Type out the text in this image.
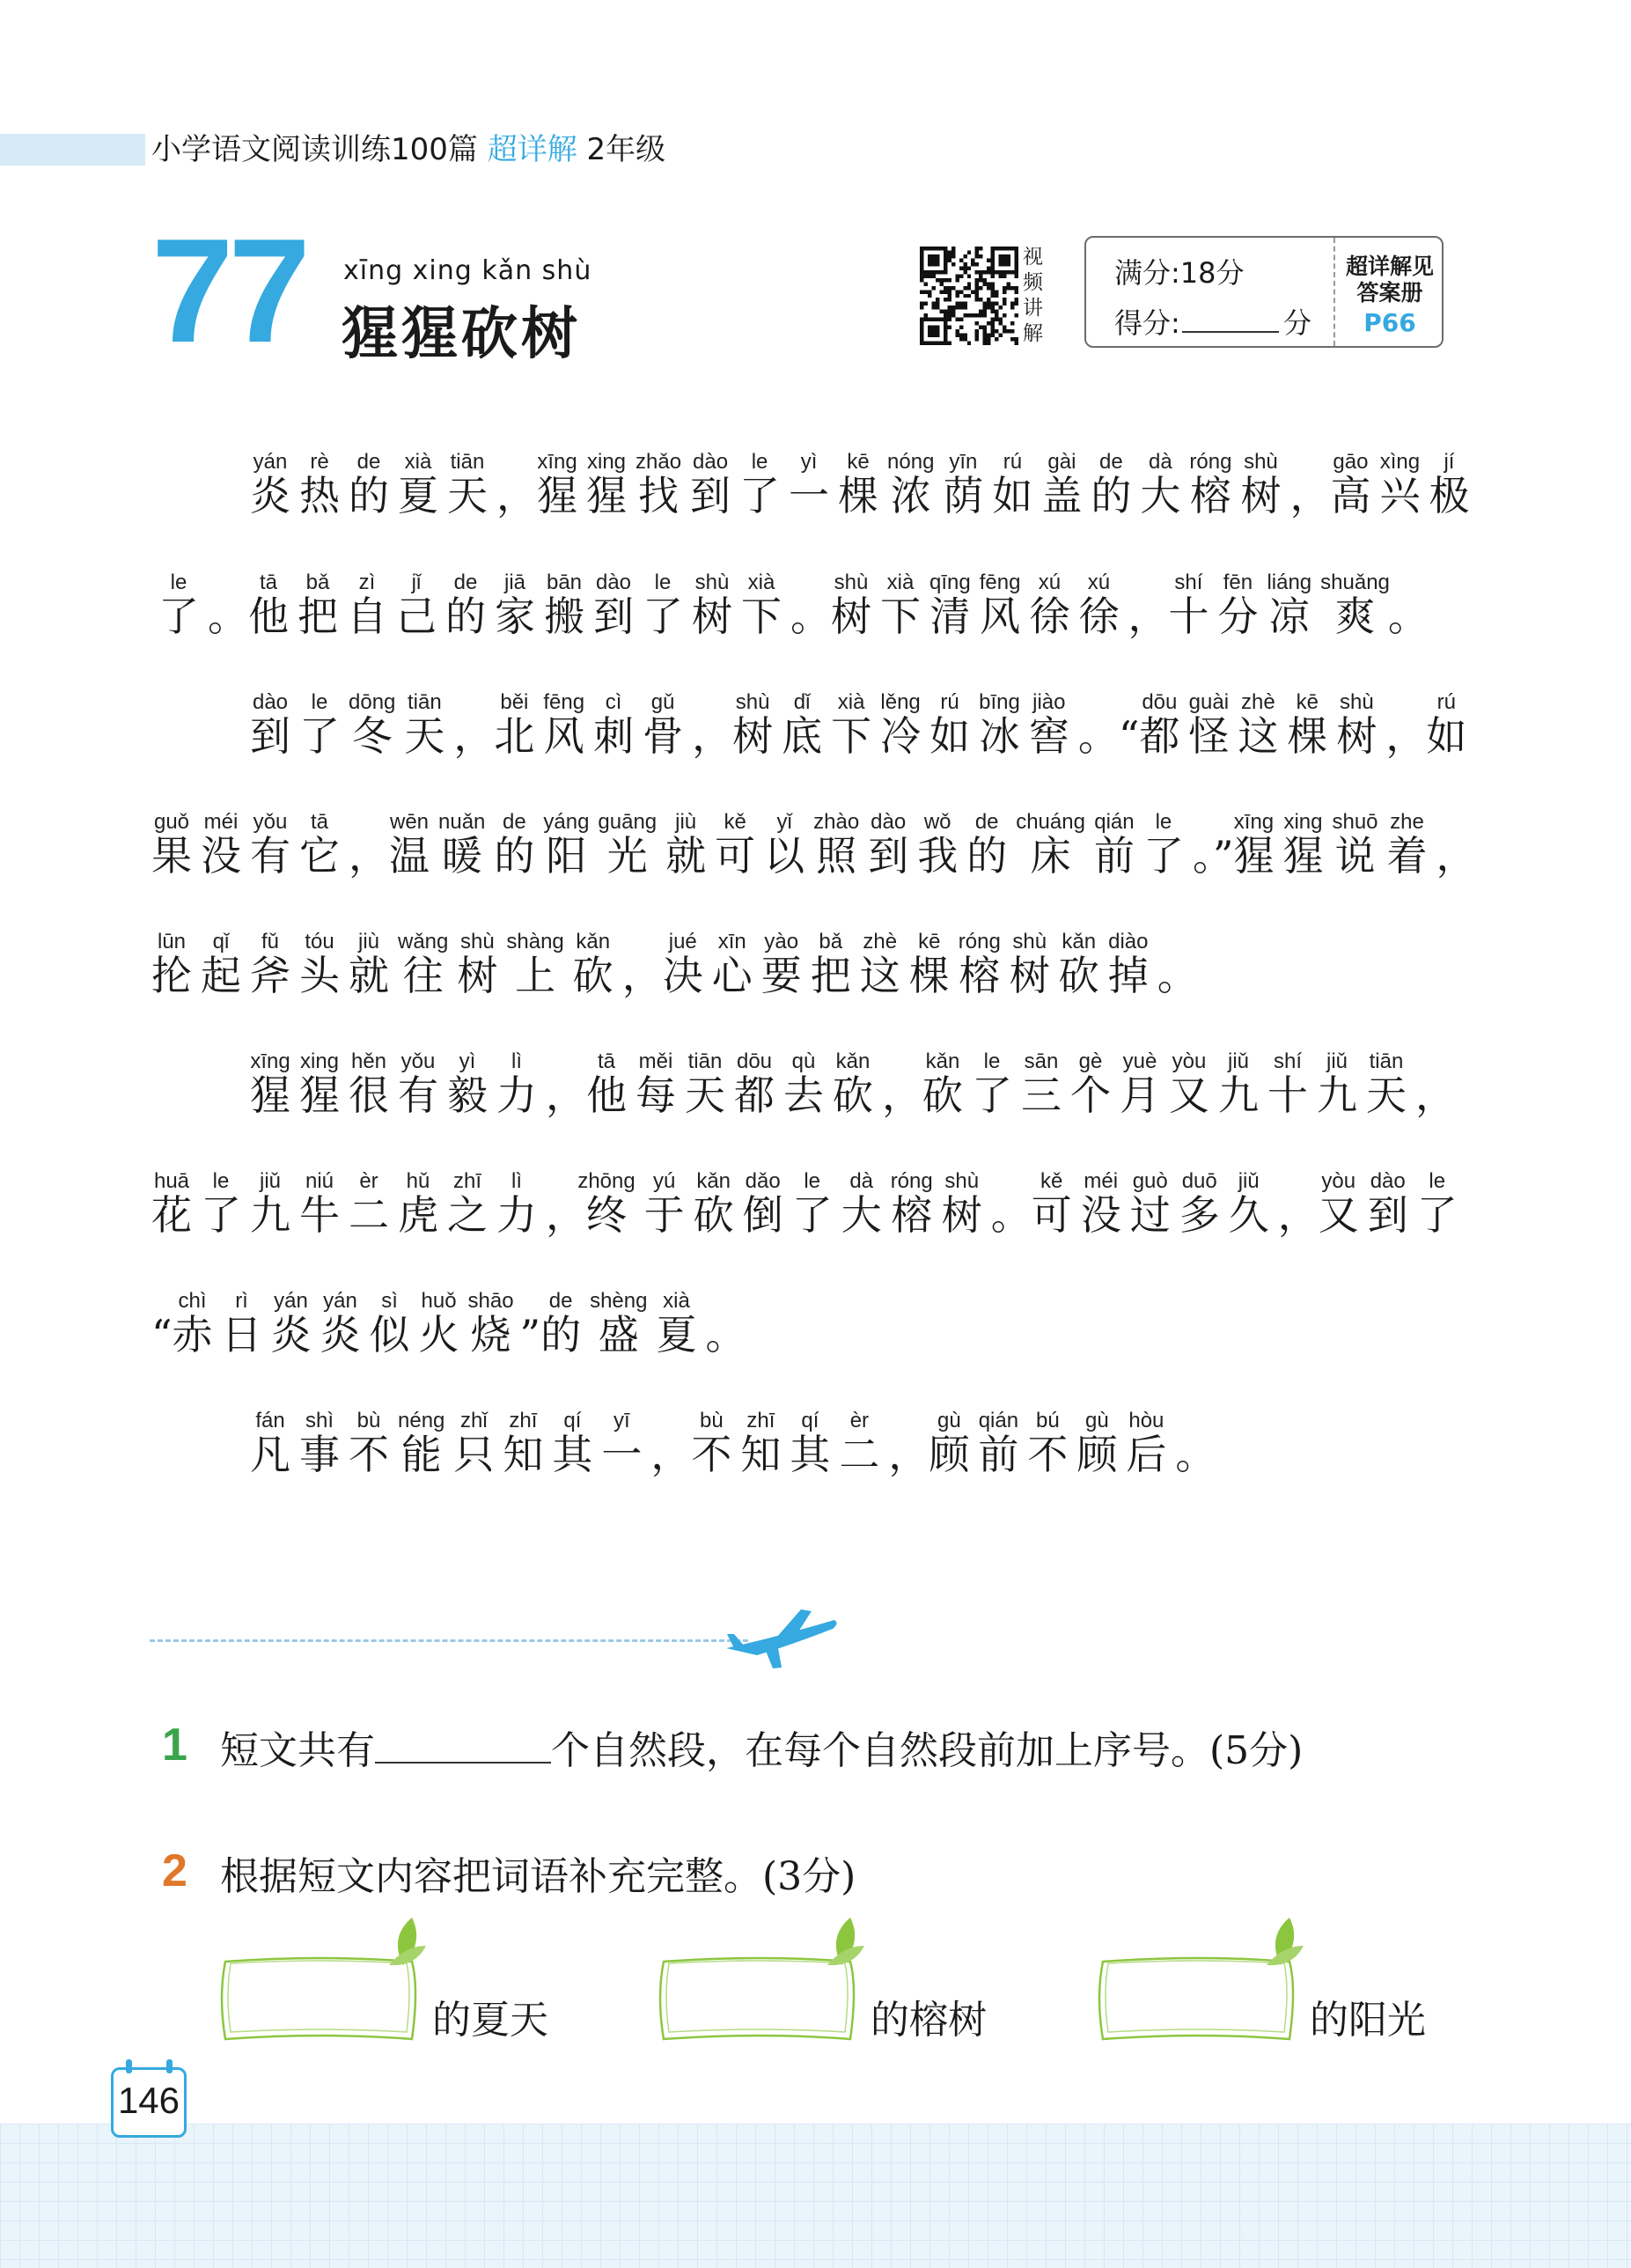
小学语文阅读训练100篇 超详解 2年级
77 xīng xing kǎn shù
猩猩砍树
视
频
讲
解
满分:18分
得分:	分
超详解见
答案册
P66
炎yán热rè的de夏xià天tiān，猩xīng猩xing找zhǎo到dào了le一yì棵kē浓nóng荫yīn如rú盖gài的de大dà榕róng树shù，高gāo兴xìng极jí
了le。他tā把bǎ自zì己jǐ的de家jiā搬bān到dào了le树shù下xià。树shù下xià清qīng风fēng徐xú徐xú，十shí分fēn凉liáng爽shuǎng。
到dào了le冬dōng天tiān，北běi风fēng刺cì骨gǔ，树shù底dǐ下xià冷lěng如rú冰bīng窖jiào。“都dōu怪guài这zhè棵kē树shù，如rú
果guǒ没méi有yǒu它tā，温wēn暖nuǎn的de阳yáng光guāng就jiù可kě以yǐ照zhào到dào我wǒ的de床chuáng前qián了le。”猩xīng猩xing说shuō着zhe，
抡lūn起qǐ斧fǔ头tóu就jiù往wǎng树shù上shàng砍kǎn，决jué心xīn要yào把bǎ这zhè棵kē榕róng树shù砍kǎn掉diào。
猩xīng猩xing很hěn有yǒu毅yì力lì，他tā每měi天tiān都dōu去qù砍kǎn，砍kǎn了le三sān个gè月yuè又yòu九jiǔ十shí九jiǔ天tiān，
花huā了le九jiǔ牛niú二èr虎hǔ之zhī力lì，终zhōng于yú砍kǎn倒dǎo了le大dà榕róng树shù。可kě没méi过guò多duō久jiǔ，又yòu到dào了le
“赤chì日rì炎yán炎yán似sì火huǒ烧shāo”的de盛shèng夏xià。
凡fán事shì不bù能néng只zhǐ知zhī其qí一yī，不bù知zhī其qí二èr，顾gù前qián不bú顾gù后hòu。
1 短文共有	个自然段，在每个自然段前加上序号。(5分)
2 根据短文内容把词语补充完整。(3分)
的夏天	的榕树	的阳光
146
